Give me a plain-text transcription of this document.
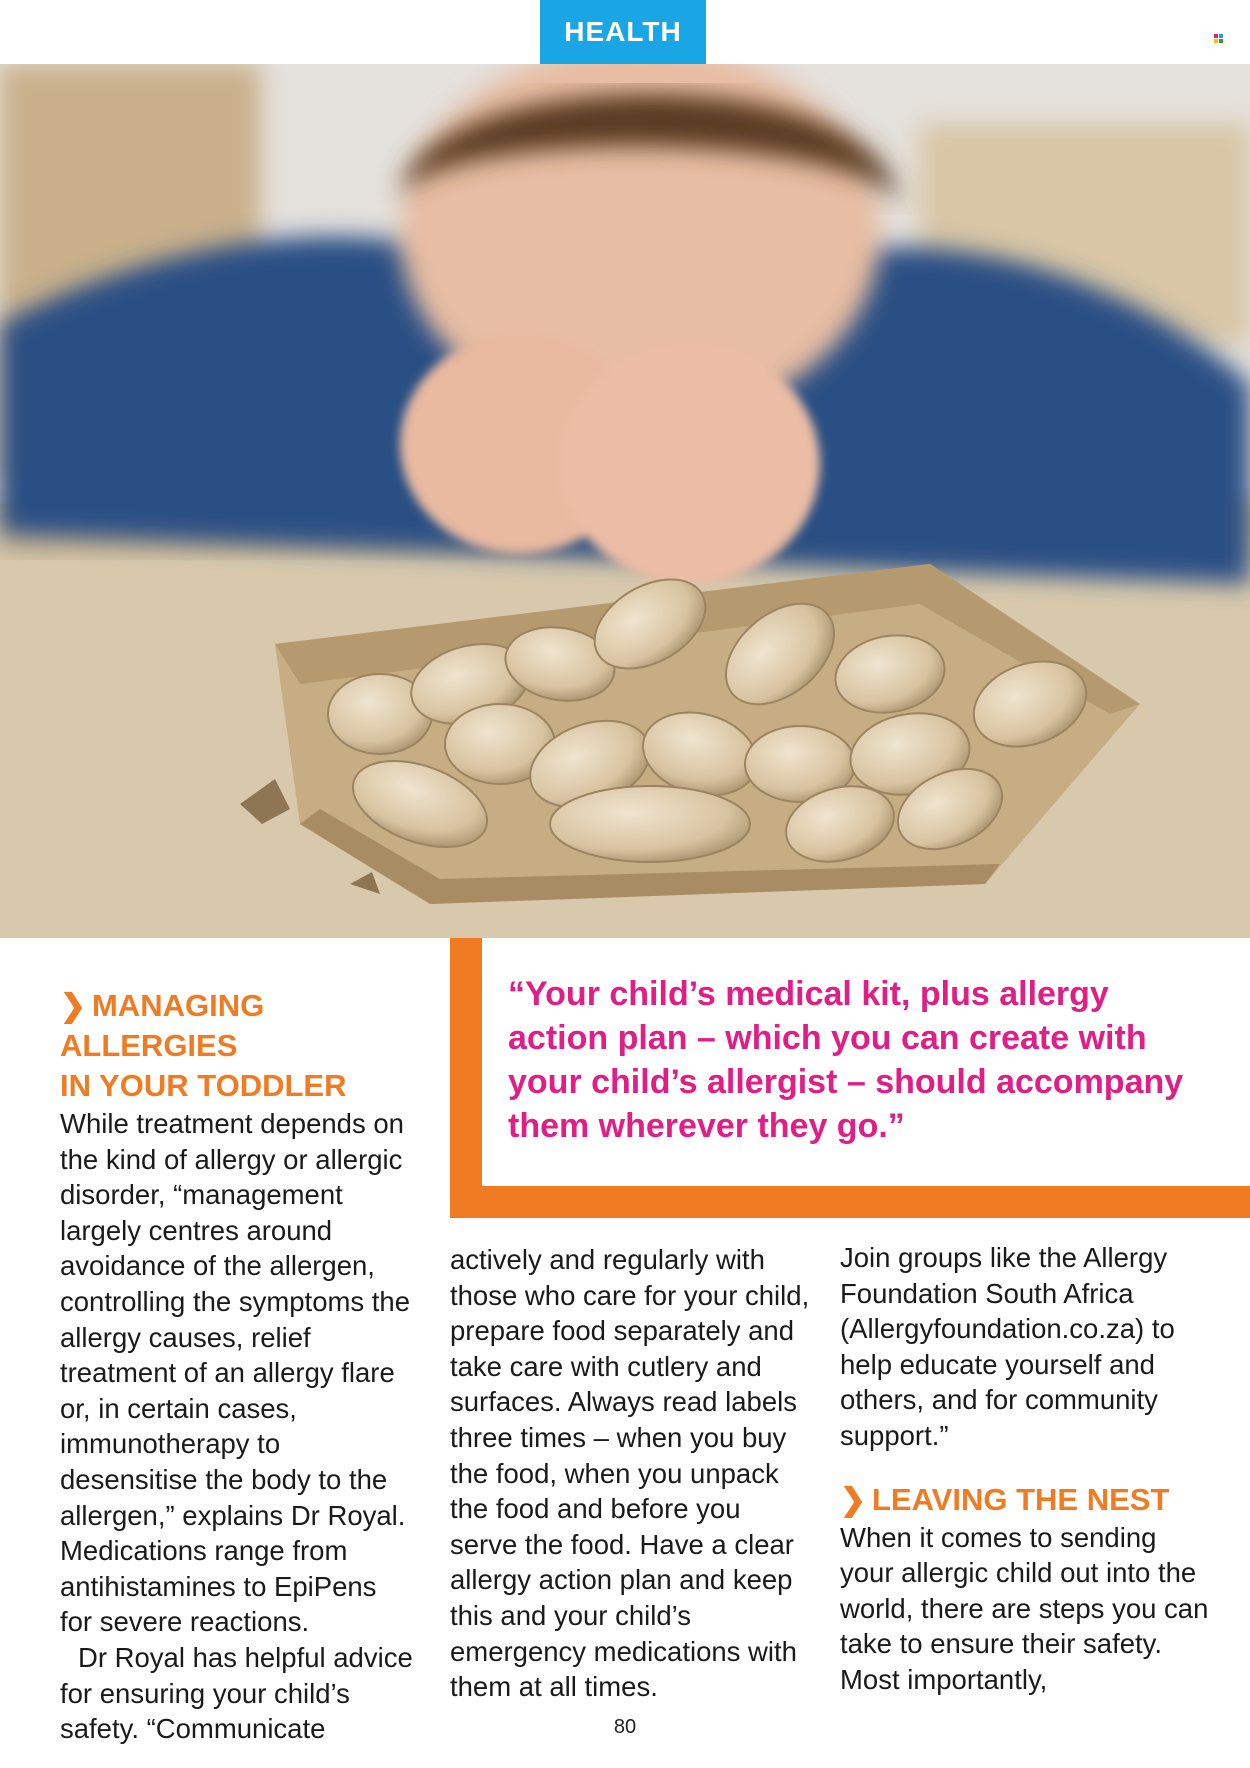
HEALTH
“Your child’s medical kit, plus allergy action plan – which you can create with your child’s allergist – should accompany them wherever they go.”
❯ MANAGING ALLERGIES
IN YOUR TODDLER

While treatment depends on the kind of allergy or allergic disorder, “management largely centres around avoidance of the allergen, controlling the symptoms the allergy causes, relief treatment of an allergy flare or, in certain cases, immunotherapy to desensitise the body to the allergen,” explains Dr Royal. Medications range from antihistamines to EpiPens for severe reactions.

Dr Royal has helpful advice for ensuring your child’s safety. “Communicate

actively and regularly with those who care for your child, prepare food separately and take care with cutlery and surfaces. Always read labels three times – when you buy the food, when you unpack the food and before you serve the food. Have a clear allergy action plan and keep this and your child’s emergency medications with them at all times.

Join groups like the Allergy Foundation South Africa (Allergyfoundation.co.za) to help educate yourself and others, and for community support.”

❯ LEAVING THE NEST

When it comes to sending your allergic child out into the world, there are steps you can take to ensure their safety. Most importantly,

80
